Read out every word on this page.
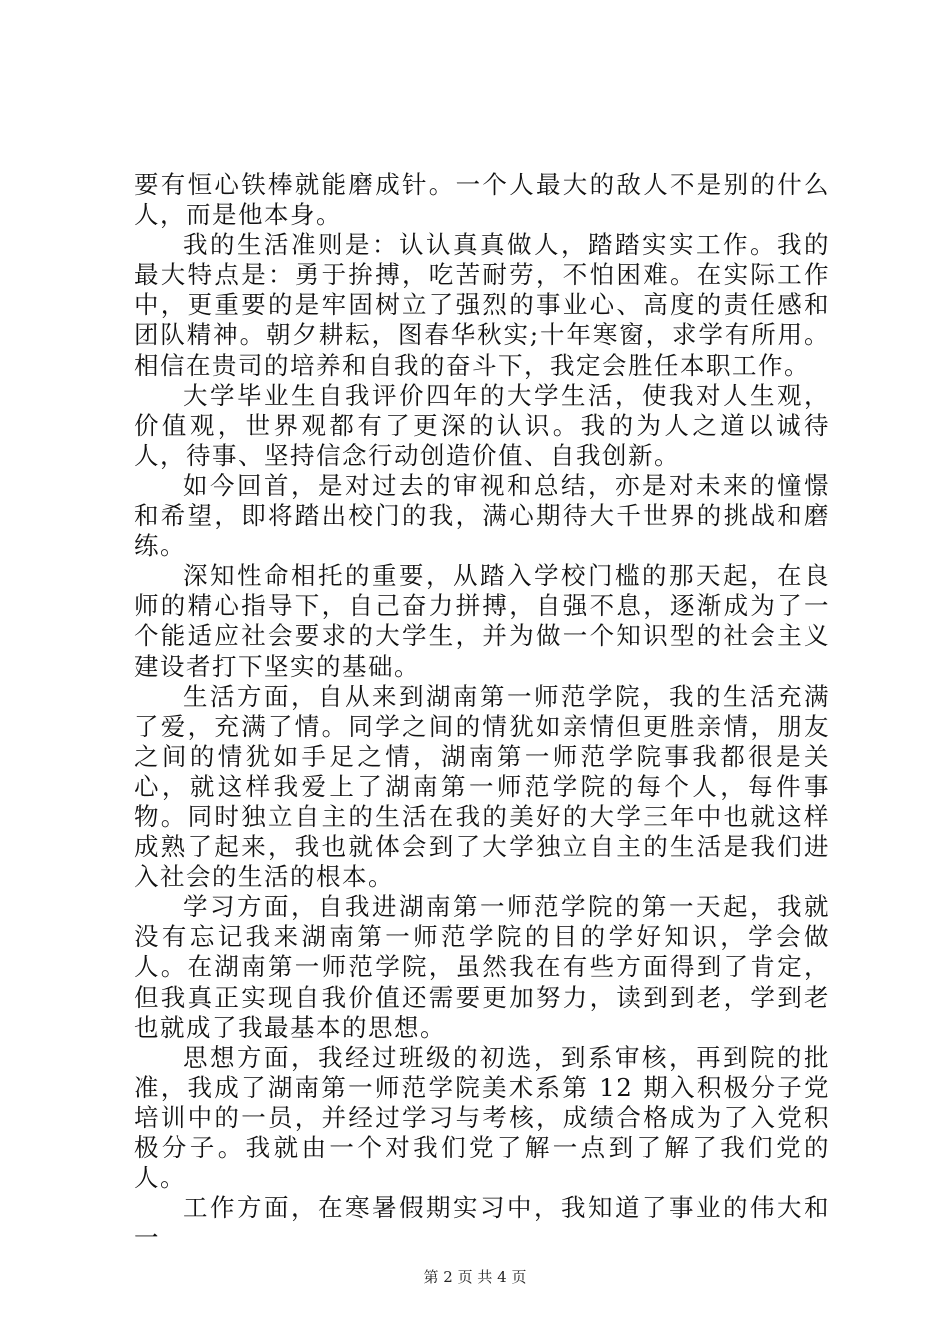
要有恒心铁棒就能磨成针。一个人最大的敌人不是别的什么人，而是他本身。

我的生活准则是：认认真真做人，踏踏实实工作。我的最大特点是：勇于拚搏，吃苦耐劳，不怕困难。在实际工作中，更重要的是牢固树立了强烈的事业心、高度的责任感和团队精神。朝夕耕耘，图春华秋实;十年寒窗，求学有所用。相信在贵司的培养和自我的奋斗下，我定会胜任本职工作。

大学毕业生自我评价四年的大学生活，使我对人生观，价值观，世界观都有了更深的认识。我的为人之道以诚待人，待事、坚持信念行动创造价值、自我创新。

如今回首，是对过去的审视和总结，亦是对未来的憧憬和希望，即将踏出校门的我，满心期待大千世界的挑战和磨练。

深知性命相托的重要，从踏入学校门槛的那天起，在良师的精心指导下，自己奋力拼搏，自强不息，逐渐成为了一个能适应社会要求的大学生，并为做一个知识型的社会主义建设者打下坚实的基础。

生活方面，自从来到湖南第一师范学院，我的生活充满了爱，充满了情。同学之间的情犹如亲情但更胜亲情，朋友之间的情犹如手足之情，湖南第一师范学院事我都很是关心，就这样我爱上了湖南第一师范学院的每个人，每件事物。同时独立自主的生活在我的美好的大学三年中也就这样成熟了起来，我也就体会到了大学独立自主的生活是我们进入社会的生活的根本。

学习方面，自我进湖南第一师范学院的第一天起，我就没有忘记我来湖南第一师范学院的目的学好知识，学会做人。在湖南第一师范学院，虽然我在有些方面得到了肯定，但我真正实现自我价值还需要更加努力，读到到老，学到老也就成了我最基本的思想。

思想方面，我经过班级的初选，到系审核，再到院的批准，我成了湖南第一师范学院美术系第 12 期入积极分子党培训中的一员，并经过学习与考核，成绩合格成为了入党积极分子。我就由一个对我们党了解一点到了解了我们党的人。

工作方面，在寒暑假期实习中，我知道了事业的伟大和一

第 2 页 共 4 页
